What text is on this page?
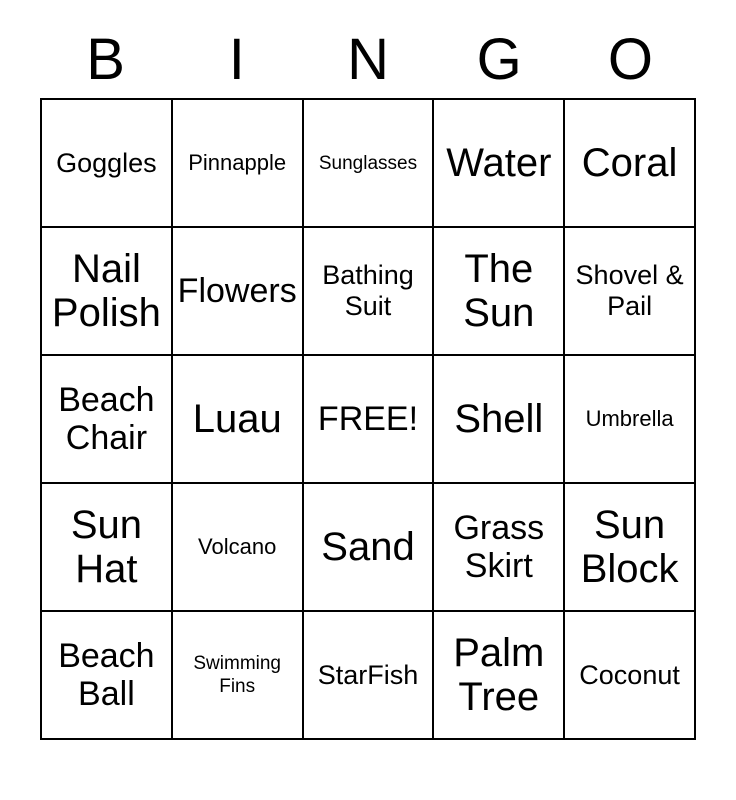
B	I	N	G	O
Goggles	Pinnapple	Sunglasses	Water	Coral
Nail Polish	Flowers	Bathing Suit	The Sun	Shovel & Pail
Beach Chair	Luau	FREE!	Shell	Umbrella
Sun Hat	Volcano	Sand	Grass Skirt	Sun Block
Beach Ball	Swimming Fins	StarFish	Palm Tree	Coconut
